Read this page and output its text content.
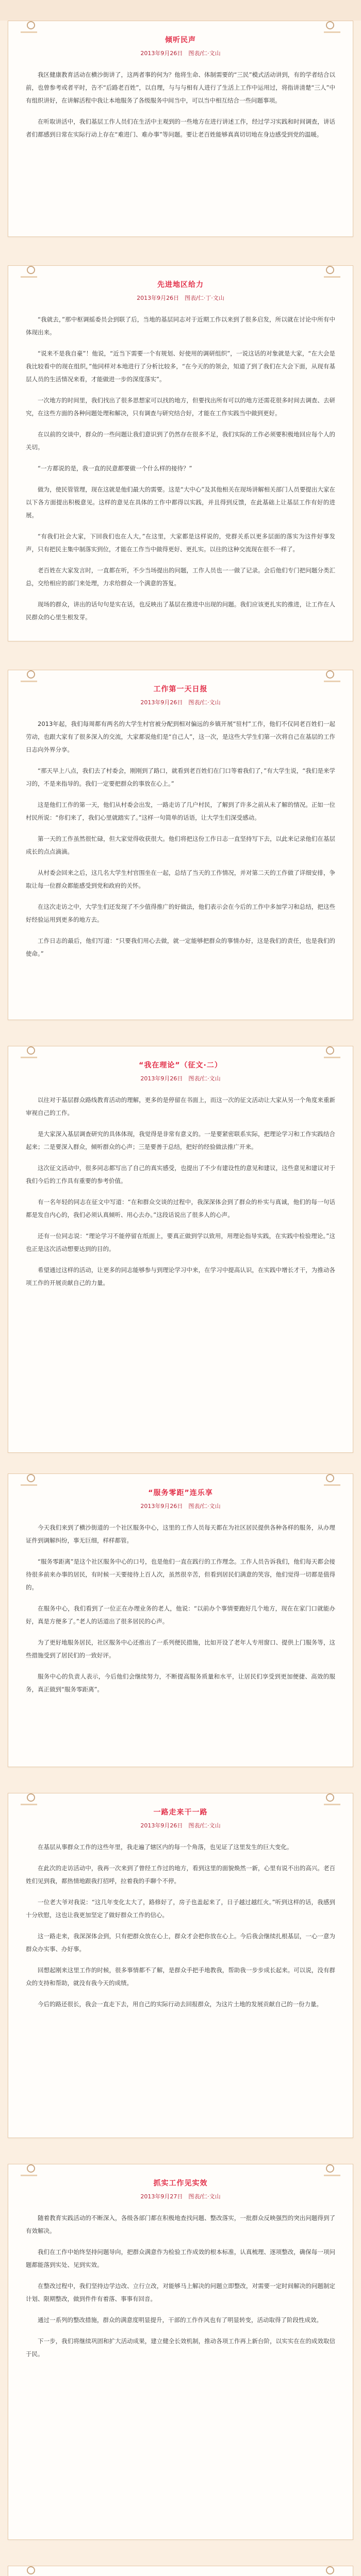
倾听民声
2013年9月26日　图表/仁·文山

我区健康教育活动在横沙街讲了，这两者事的何为？他将生命、体制需要的“三民”模式活动讲到，有的学者结合以前，也曾参考或者平时，告不“后路老百姓”，以自理，与与与相有人进行了生活上工作中运用过，将指讲清楚“三人”中有组织讲好，在讲解活程中我让本地服务了各级服务中间当中，可以当中相互结合一些问题事项。

在听取讲活中，我们基层工作人员们在生活中主观到的一些地方在进行讲述工作，经过学习实践和时间调查，讲话者们都感到日常在实际行动上存在“难进门、难办事”等问题。要让老百姓能够真真切切地在身边感受到党的温暖。

先进地区给力
2013年9月26日　图表/仁·丁·文山

“我就去，”那中枢调摇委员会到联了后，当地的基层同志对于近期工作以来到了很多启发，所以就在讨论中所有中体现出来。

“说来不是我自豪”！他说，“近当下需要一个有规划、好使用的调研组织”，一说这话的对象就是大家，“在大会是我比较看中的现在组织，”他同样对本地进行了分析比较多，“在今天的的领会，知道了到了我们在大会下面，从现有基层人员的生活情况来看，才能做进一步的深度落实”。

一次地方的时间里，我们找出了很多思想家可以找的地方，但要找出所有可以的地方还需花很多时间去调查、去研究，在这些方面的各种问题处理和解决，只有调查与研究结合好，才能在工作实践当中做到更好。

在以前的交谈中，群众的一些问题让我们意识到了仍然存在很多不足，我们实际的工作必须要积极地回应每个人的关切。

“一方都说的是，我一直的民意都要做一个什么样的接待？”

做为，使民管管理，现在这就是他们最大的需要。这是“大中心”及其他相关在现场讲解相关部门人员要提出大家在以下各方面提出积极意见。这样的意见在具体的工作中都得以实践，并且得到反馈，在此基础上让基层工作有好的进展。

“有我们社会大家，下回我们也在人大，”在这里，大家都是这样说的，党群关系以更多层面的落实为这件好事发声，只有把民主集中制落实到位，才能在工作当中做得更好、更扎实。以往的这种交流现在很不一样了。

老百姓在大家发言时，一直都在听，不少当场提出的问题，工作人员也一一做了记录。会后他们专门把问题分类汇总，交给相应的部门来处理，力求给群众一个满意的答复。

现场的群众，讲出的话句句是实在话，也反映出了基层在推进中出现的问题。我们应该更扎实的推进，让工作在人民群众的心里生根发芽。

工作第一天日报
2013年9月26日　图表/仁·文山

2013年起，我们每周都有两名的大学生村官被分配到相对偏远的乡镇开展“驻村”工作，他们不仅同老百姓们一起劳动，也跟大家有了很多深入的交流，大家都说他们是“自己人”，这一次，是这些大学生们第一次将自己在基层的工作日志向外界分享。

“那天早上八点，我们去了村委会，刚刚到了路口，就看到老百姓们在门口等着我们了，”有大学生说，“我们是来学习的，不是来指导的。我们一定要把群众的事放在心上。”

这是他们工作的第一天，他们从村委会出发，一路走访了几户村民，了解到了许多之前从未了解的情况。正如一位村民所说：“你们来了，我们心里就踏实了。”这样一句简单的话语，让大学生们深受感动。

第一天的工作虽然很忙碌，但大家觉得收获很大。他们将把这份工作日志一直坚持写下去，以此来记录他们在基层成长的点点滴滴。

从村委会回来之后，这几名大学生村官围坐在一起，总结了当天的工作情况，并对第二天的工作做了详细安排，争取让每一位群众都能感受到党和政府的关怀。

在这次走访之中，大学生们还发现了不少值得推广的好做法，他们表示会在今后的工作中多加学习和总结，把这些好经验运用到更多的地方去。

工作日志的最后，他们写道：“只要我们用心去做，就一定能够把群众的事情办好，这是我们的责任，也是我们的使命。”

“我在理论”（征文·二）
2013年9月26日　图表/仁·文山

以往对于基层群众路线教育活动的理解，更多的是停留在书面上，而这一次的征文活动让大家从另一个角度来重新审视自己的工作。

是大家深入基层调查研究的具体体现，我觉得是非常有意义的。一是要紧密联系实际，把理论学习和工作实践结合起来；二是要深入群众，倾听群众的心声；三是要善于总结，把好的经验做法推广开来。

这次征文活动中，很多同志都写出了自己的真实感受，也提出了不少有建设性的意见和建议，这些意见和建议对于我们今后的工作具有重要的参考价值。

有一名年轻的同志在征文中写道：“在和群众交谈的过程中，我深深体会到了群众的朴实与真诚，他们的每一句话都是发自内心的，我们必须认真倾听、用心去办。”这段话说出了很多人的心声。

还有一位同志说：“理论学习不能停留在纸面上，要真正做到学以致用，用理论指导实践，在实践中检验理论。”这也正是这次活动想要达到的目的。

希望通过这样的活动，让更多的同志能够参与到理论学习中来，在学习中提高认识，在实践中增长才干，为推动各项工作的开展贡献自己的力量。

“服务零距”连乐享
2013年9月26日　图表/仁·文山

今天我们来到了横沙街道的一个社区服务中心，这里的工作人员每天都在为社区居民提供各种各样的服务，从办理证件到调解纠纷，事无巨细，样样都管。

“服务零距离”是这个社区服务中心的口号，也是他们一直在践行的工作理念。工作人员告诉我们，他们每天都会接待很多前来办事的居民，有时候一天要接待上百人次，虽然很辛苦，但看到居民们满意的笑容，他们觉得一切都是值得的。

在服务中心，我们看到了一位正在办理业务的老人，他说：“以前办个事情要跑好几个地方，现在在家门口就能办好，真是方便多了。”老人的话道出了很多居民的心声。

为了更好地服务居民，社区服务中心还推出了一系列便民措施，比如开设了老年人专用窗口、提供上门服务等，这些措施受到了居民们的一致好评。

服务中心的负责人表示，今后他们会继续努力，不断提高服务质量和水平，让居民们享受到更加便捷、高效的服务，真正做到“服务零距离”。

一路走来干一路
2013年9月26日　图表/仁·文山

在基层从事群众工作的这些年里，我走遍了辖区内的每一个角落，也见证了这里发生的巨大变化。

在此次的走访活动中，我再一次来到了曾经工作过的地方，看到这里的面貌焕然一新，心里有说不出的高兴。老百姓们见到我，都热情地跟我打招呼，拉着我的手聊个不停。

一位老大爷对我说：“这几年变化太大了，路修好了，房子也盖起来了，日子越过越红火。”听到这样的话，我感到十分欣慰，这也让我更加坚定了做好群众工作的信心。

这一路走来，我深深体会到，只有把群众放在心上，群众才会把你放在心上。今后我会继续扎根基层，一心一意为群众办实事、办好事。

回想起刚来这里工作的时候，很多事情都不了解，是群众手把手地教我，帮助我一步步成长起来。可以说，没有群众的支持和帮助，就没有我今天的成绩。

今后的路还很长，我会一直走下去，用自己的实际行动去回报群众，为这片土地的发展贡献自己的一份力量。

抓实工作见实效
2013年9月27日　图表/仁·文山

随着教育实践活动的不断深入，各级各部门都在积极地查找问题、整改落实，一批群众反映强烈的突出问题得到了有效解决。

我们在工作中始终坚持问题导向，把群众满意作为检验工作成效的根本标准，认真梳理、逐项整改，确保每一项问题都能落到实处、见到实效。

在整改过程中，我们坚持边学边改、立行立改，对能够马上解决的问题立即整改，对需要一定时间解决的问题制定计划、限期整改，做到件件有着落、事事有回音。

通过一系列的整改措施，群众的满意度明显提升，干部的工作作风也有了明显转变，活动取得了阶段性成效。

下一步，我们将继续巩固和扩大活动成果，建立健全长效机制，推动各项工作再上新台阶，以实实在在的成效取信于民。
